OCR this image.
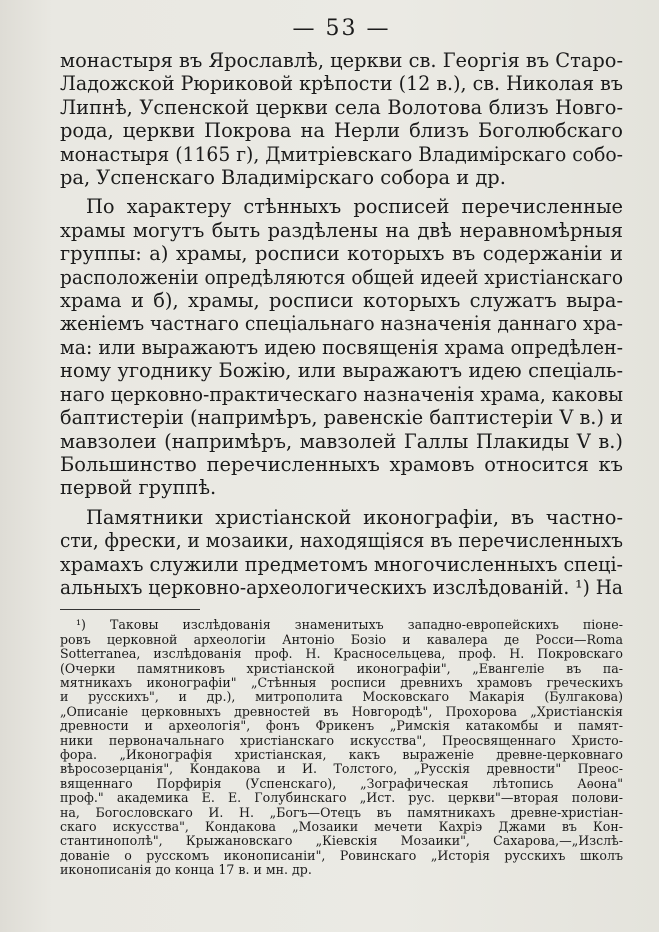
— 53 —
монастыря въ Ярославлѣ, церкви св. Георгія въ Старо-
Ладожской Рюриковой крѣпости (12 в.), св. Николая въ
Липнѣ, Успенской церкви села Волотова близъ Новго-
рода, церкви Покрова на Нерли близъ Боголюбскаго
монастыря (1165 г), Дмитріевскаго Владимірскаго собо-
ра, Успенскаго Владимірскаго собора и др.
По характеру стѣнныхъ росписей перечисленные
храмы могутъ быть раздѣлены на двѣ неравномѣрныя
группы: а) храмы, росписи которыхъ въ содержаніи и
расположеніи опредѣляются общей идеей христіанскаго
храма и б), храмы, росписи которыхъ служатъ выра-
женіемъ частнаго спеціальнаго назначенія даннаго хра-
ма: или выражаютъ идею посвященія храма опредѣлен-
ному угоднику Божію, или выражаютъ идею спеціаль-
наго церковно-практическаго назначенія храма, каковы
баптистеріи (напримѣръ, равенскіе баптистеріи V в.) и
мавзолеи (напримѣръ, мавзолей Галлы Плакиды V в.)
Большинство перечисленныхъ храмовъ относится къ
первой группѣ.
Памятники христіанской иконографіи, въ частно-
сти, фрески, и мозаики, находящіяся въ перечисленныхъ
храмахъ служили предметомъ многочисленныхъ спеці-
альныхъ церковно-археологическихъ изслѣдованій. ¹) На
¹) Таковы изслѣдованія знаменитыхъ западно-европейскихъ піоне-
ровъ церковной археологіи Антоніо Бозіо и кавалера де Росси—Roma
Sotterranea, изслѣдованія проф. Н. Красносельцева, проф. Н. Покровскаго
(Очерки памятниковъ христіанской иконографіи", „Евангеліе въ па-
мятникахъ иконографіи" „Стѣнныя росписи древнихъ храмовъ греческихъ
и русскихъ", и др.), митрополита Московскаго Макарія (Булгакова)
„Описаніе церковныхъ древностей въ Новгородѣ", Прохорова „Христіанскія
древности и археологія", фонъ Фрикенъ „Римскія катакомбы и памят-
ники первоначальнаго христіанскаго искусства", Преосвященнаго Христо-
фора. „Иконографія христіанская, какъ выраженіе древне-церковнаго
вѣросозерцанія", Кондакова и И. Толстого, „Русскія древности" Преос-
вященнаго Порфирія (Успенскаго), „Зографическая лѣтопись Аѳона"
проф." академика Е. Е. Голубинскаго „Ист. рус. церкви"—вторая полови-
на, Богословскаго И. Н. „Богъ—Отецъ въ памятникахъ древне-христіан-
скаго искусства", Кондакова „Мозаики мечети Кахріэ Джами въ Кон-
стантинополѣ", Крыжановскаго „Кіевскія Мозаики", Сахарова,—„Изслѣ-
дованіе о русскомъ иконописаніи", Ровинскаго „Исторія русскихъ школъ
иконописанія до конца 17 в. и мн. др.
